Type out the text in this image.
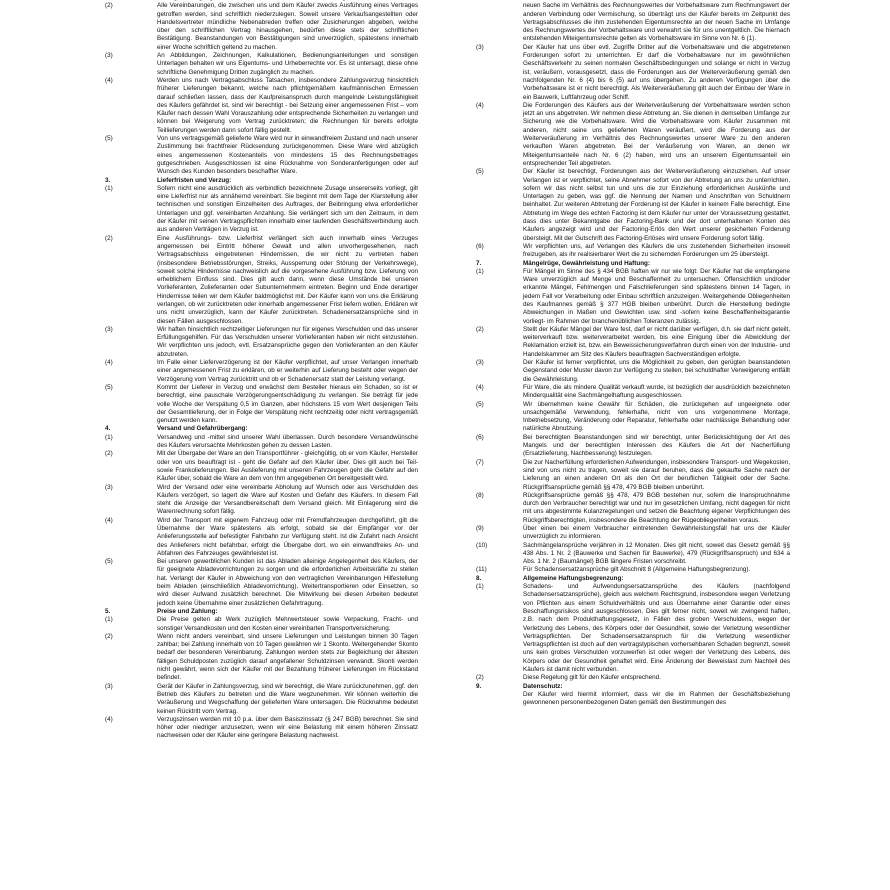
(2)	Alle Vereinbarungen, die zwischen uns und dem Käufer zwecks Ausführung eines Vertrages getroffen werden, sind schriftlich niederzulegen. Soweit unsere Verkaufsangestellten oder Handelsvertreter mündliche Nebenabreden treffen oder Zusicherungen abgeben, welche über den schriftlichen Vertrag hinausgehen, bedürfen diese stets der schriftlichen Bestätigung. Beanstandungen von Bestätigungen sind unverzüglich, spätestens innerhalb einer Woche schriftlich geltend zu machen.
(3)	An Abbildungen, Zeichnungen, Kalkulationen, Bedienungsanleitungen und sonstigen Unterlagen behalten wir uns Eigentums- und Urheberrechte vor. Es ist untersagt, diese ohne schriftliche Genehmigung Dritten zugänglich zu machen.
(4)	Werden uns nach Vertragsabschluss Tatsachen, insbesondere Zahlungsverzug hinsichtlich früherer Lieferungen bekannt, welche nach pflichtgemäßem kaufmännischen Ermessen darauf schließen lassen, dass der Kaufpreisanspruch durch mangelnde Leistungsfähigkeit des Käufers gefährdet ist, sind wir berechtigt - bei Setzung einer angemessenen Frist – vom Käufer nach dessen Wahl Vorauszahlung oder entsprechende Sicherheiten zu verlangen und können bei Weigerung vom Vertrag zurücktreten; die Rechnungen für bereits erfolgte Teillieferungen werden dann sofort fällig gestellt.
(5)	Von uns vertragsgemäß gelieferte Ware wird nur in einwandfreiem Zustand und nach unserer Zustimmung bei frachtfreier Rücksendung zurückgenommen. Diese Ware wird abzüglich eines angemessenen Kostenanteils von mindestens 15 des Rechnungsbetrages gutgeschrieben. Ausgeschlossen ist eine Rücknahme von Sonderanfertigungen oder auf Wunsch des Kunden besonders beschaffter Ware.
3.	Lieferfristen und Verzug:
(1)	Sofern nicht eine ausdrücklich als verbindlich bezeichnete Zusage unsererseits vorliegt, gilt eine Lieferfrist nur als annähernd vereinbart. Sie beginnt mit dem Tage der Klarstellung aller technischen und sonstigen Einzelheiten des Auftrages, der Beibringung etwa erforderlicher Unterlagen und ggf. vereinbarten Anzahlung. Sie verlängert sich um den Zeitraum, in dem der Käufer mit seinen Vertragspflichten innerhalb einer laufenden Geschäftsverbindung auch aus anderen Verträgen in Verzug ist.
(2)	Eine Ausführungs- bzw. Lieferfrist verlängert sich auch innerhalb eines Verzuges angemessen bei Eintritt höherer Gewalt und allen unvorhergesehenen, nach Vertragsabschluss eingetretenen Hindernissen, die wir nicht zu vertreten haben (insbesondere Betriebsstörungen, Streiks, Aussperrung oder Störung der Verkehrswege), soweit solche Hindernisse nachweislich auf die vorgesehene Ausführung bzw. Lieferung von erheblichem Einfluss sind. Dies gilt auch dann, wenn diese Umstände bei unseren Vorlieferanten, Zulieferanten oder Subunternehmern eintreten. Beginn und Ende derartiger Hindernisse teilen wir dem Käufer baldmöglichst mit. Der Käufer kann von uns die Erklärung verlangen, ob wir zurücktreten oder innerhalb angemessener Frist liefern wollen. Erklären wir uns nicht unverzüglich, kann der Käufer zurücktreten. Schadenersatzansprüche sind in diesen Fällen ausgeschlossen.
(3)	Wir haften hinsichtlich rechtzeitiger Lieferungen nur für eigenes Verschulden und das unserer Erfüllungsgehilfen. Für das Verschulden unserer Vorlieferanten haben wir nicht einzustehen. Wir verpflichten uns jedoch, evtl. Ersatzansprüche gegen den Vorlieferanten an den Käufer abzutreten.
(4)	Im Falle einer Lieferverzögerung ist der Käufer verpflichtet, auf unser Verlangen innerhalb einer angemessenen Frist zu erklären, ob er weiterhin auf Lieferung besteht oder wegen der Verzögerung vom Vertrag zurücktritt und ob er Schadenersatz statt der Leistung verlangt.
(5)	Kommt der Lieferer in Verzug und erwächst dem Besteller hieraus ein Schaden, so ist er berechtigt, eine pauschale Verzögerungsentschädigung zu verlangen. Sie beträgt für jede volle Woche der Verspätung 0,5 im Ganzen, aber höchstens 15 vom Wert desjenigen Teils der Gesamtlieferung, der in Folge der Verspätung nicht rechtzeitig oder nicht vertragsgemäß genutzt werden kann.
4.	Versand und Gefahrübergang:
(1)	Versandweg und -mittel sind unserer Wahl überlassen. Durch besondere Versandwünsche des Käufers verursachte Mehrkosten gehen zu dessen Lasten.
(2)	Mit der Übergabe der Ware an den Transportführer - gleichgültig, ob er vom Käufer, Hersteller oder von uns beauftragt ist - geht die Gefahr auf den Käufer über. Dies gilt auch bei Teil- sowie Frankolieferungen. Bei Auslieferung mit unseren Fahrzeugen geht die Gefahr auf den Käufer über, sobald die Ware an dem von Ihm angegebenen Ort bereitgestellt wird.
(3)	Wird der Versand oder eine vereinbarte Abholung auf Wunsch oder aus Verschulden des Käufers verzögert, so lagert die Ware auf Kosten und Gefahr des Käufers. In diesem Fall steht die Anzeige der Versandbereitschaft dem Versand gleich. Mit Einlagerung wird die Warenrechnung sofort fällig.
(4)	Wird der Transport mit eigenem Fahrzeug oder mit Fremdfahrzeugen durchgeführt, gilt die Übernahme der Ware spätestens als erfolgt, sobald sie der Empfänger vor der Anlieferungsstelle auf befestigter Fahrbahn zur Verfügung steht. Ist die Zufahrt nach Ansicht des Anlieferers nicht befahrbar, erfolgt die Übergabe dort, wo ein einwandfreies An- und Abfahren des Fahrzeuges gewährleistet ist.
(5)	Bei unseren gewerblichen Kunden ist das Abladen alleinige Angelegenheit des Käufers, der für geeignete Abladevorrichtungen zu sorgen und die erforderlichen Arbeitskräfte zu stellen hat. Verlangt der Käufer in Abweichung von den vertraglichen Vereinbarungen Hilfestellung beim Abladen (einschließlich Abladevorrichtung), Weitertransportieren oder Einsetzen, so wird dieser Aufwand zusätzlich berechnet. Die Mitwirkung bei diesen Arbeiten bedeutet jedoch keine Übernahme einer zusätzlichen Gefahrtragung.
5.	Preise und Zahlung:
(1)	Die Preise gelten ab Werk zuzüglich Mehrwertsteuer sowie Verpackung, Fracht- und sonstiger Versandkosten und den Kosten einer vereinbarten Transportversicherung.
(2)	Wenn nicht anders vereinbart, sind unsere Lieferungen und Leistungen binnen 30 Tagen zahlbar; bei Zahlung innerhalb von 10 Tagen gewähren wir 1 Skonto. Weitergehender Skonto bedarf der besonderen Vereinbarung. Zahlungen werden stets zur Begleichung der ältesten fälligen Schuldposten zuzüglich darauf angefallener Schuldzinsen verwandt. Skonti werden nicht gewährt, wenn sich der Käufer mit der Bezahlung früherer Lieferungen im Rückstand befindet.
(3)	Gerät der Käufer in Zahlungsverzug, sind wir berechtigt, die Ware zurückzunehmen, ggf. den Betrieb des Käufers zu betreten und die Ware wegzunehmen. Wir können weiterhin die Veräußerung und Wegschaffung der gelieferten Ware untersagen. Die Rücknahme bedeutet keinen Rücktritt vom Vertrag.
(4)	Verzugszinsen werden mit 10 p.a. über dem Basiszinssatz (§ 247 BGB) berechnet. Sie sind höher oder niedriger anzusetzen, wenn wir eine Belastung mit einem höheren Zinssatz nachweisen oder der Käufer eine geringere Belastung nachweist.
neuen Sache im Verhältnis des Rechnungswertes der Vorbehaltsware zum Rechnungswert der anderen Verbindung oder Vermischung, so überträgt uns der Käufer bereits im Zeitpunkt des Vertragsabschlusses die ihm zustehenden Eigentumsrechte an der neuen Sache im Umfange des Rechnungswertes der Vorbehaltsware und verwahrt sie für uns unentgeltlich. Die hiernach entstehenden Miteigentumsrechte gelten als Vorbehaltsware im Sinne von Nr. 6 (1).
(3)	Der Käufer hat uns über evtl. Zugriffe Dritter auf die Vorbehaltsware und die abgetretenen Forderungen sofort zu unterrichten. Er darf die Vorbehaltsware nur im gewöhnlichen Geschäftsverkehr zu seinen normalen Geschäftsbedingungen und solange er nicht in Verzug ist, veräußern, vorausgesetzt, dass die Forderungen aus der Weiterveräußerung gemäß den nachfolgenden Nr. 6 (4) bis 6 (5) auf uns übergehen. Zu anderen Verfügungen über die Vorbehaltsware ist er nicht berechtigt. Als Weiterveräußerung gilt auch der Einbau der Ware in ein Bauwerk, Luftfahrzeug oder Schiff.
(4)	Die Forderungen des Käufers aus der Weiterveräußerung der Vorbehaltsware werden schon jetzt an uns abgetreten. Wir nehmen diese Abtretung an. Sie dienen in demselben Umfange zur Sicherung wie die Vorbehaltsware. Wird die Vorbehaltsware vom Käufer zusammen mit anderen, nicht seine uns gelieferten Waren veräußert, wird die Forderung aus der Weiterveräußerung im Verhältnis des Rechnungswertes unserer Ware zu den anderen verkauften Waren abgetreten. Bei der Veräußerung von Waren, an denen wir Miteigentumsanteile nach Nr. 6 (2) haben, wird uns an unserem Eigentumsanteil ein entsprechender Teil abgetreten.
(5)	Der Käufer ist berechtigt, Forderungen aus der Weiterveräußerung einzuziehen. Auf unser Verlangen ist er verpflichtet, seine Abnehmer sofort von der Abtretung an uns zu unterrichten, sofern wir das nicht selbst tun und uns die zur Einziehung erforderlichen Auskünfte und Unterlagen zu geben, was ggf. die Nennung der Namen und Anschriften von Schuldnern beinhaltet. Zur weiteren Abtretung der Forderung ist der Käufer in keinem Falle berechtigt. Eine Abtretung im Wege des echten Factoring ist dem Käufer nur unter der Voraussetzung gestattet, dass dies unter Bekanntgabe der Factoring-Bank und der dort unterhaltenen Konten des Käufers angezeigt wird und der Factoring-Erlös den Wert unserer gesicherten Forderung übersteigt. Mit der Gutschrift des Factoring-Erlöses wird unsere Forderung sofort fällig.
(6)	Wir verpflichten uns, auf Verlangen des Käufers die uns zustehenden Sicherheiten insoweit freizugeben, als ihr realisierbarer Wert die zu sichernden Forderungen um 25 übersteigt.
7.	Mängelrüge, Gewährleistung und Haftung:
(1)	Für Mängel im Sinne des § 434 BGB haften wir nur wie folgt: Der Käufer hat die empfangene Ware unverzüglich auf Menge und Beschaffenheit zu untersuchen. Offensichtlich und/oder erkannte Mängel, Fehlmengen und Falschlieferungen sind spätestens binnen 14 Tagen, in jedem Fall vor Verarbeitung oder Einbau schriftlich anzuzeigen. Weitergehende Obliegenheiten des Kaufmannes gemäß § 377 HGB bleiben unberührt. Durch die Herstellung bedingte Abweichungen in Maßen und Gewichten usw. sind -sofern keine Beschaffenheitsgarantie vorliegt- im Rahmen der branchenüblichen Toleranzen zulässig.
(2)	Stellt der Käufer Mängel der Ware fest, darf er nicht darüber verfügen, d.h. sie darf nicht geteilt, weiterverkauft bzw. weiterverarbeitet werden, bis eine Einigung über die Abwicklung der Reklamation erzielt ist, bzw. ein Beweissicherungsverfahren durch einen von der Industrie- und Handelskammer am Sitz des Käufers beauftragten Sachverständigen erfolgte.
(3)	Der Käufer ist ferner verpflichtet, uns die Möglichkeit zu geben, den gerügten beanstandeten Gegenstand oder Muster davon zur Verfügung zu stellen; bei schuldhafter Verweigerung entfällt die Gewährleistung.
(4)	Für Ware, die als mindere Qualität verkauft wurde, ist bezüglich der ausdrücklich bezeichneten Minderqualität eine Sachmängelhaftung ausgeschlossen.
(5)	Wir übernehmen keine Gewähr für Schäden, die zurückgehen auf ungeeignete oder unsachgemäße Verwendung, fehlerhafte, nicht von uns vorgenommene Montage, Inbetriebsetzung, Veränderung oder Reparatur, fehlerhafte oder nachlässige Behandlung oder natürliche Abnutzung.
(6)	Bei berechtigten Beanstandungen sind wir berechtigt, unter Berücksichtigung der Art des Mangels und der berechtigten Interessen des Käufers die Art der Nacherfüllung (Ersatzlieferung, Nachbesserung) festzulegen.
(7)	Die zur Nacherfüllung erforderlichen Aufwendungen, insbesondere Transport- und Wegekosten, sind von uns nicht zu tragen, soweit sie darauf beruhen, dass die gekaufte Sache nach der Lieferung an einen anderen Ort als den Ort der beruflichen Tätigkeit oder der Sache. Rückgriffsansprüche gemäß §§ 478, 479 BGB bleiben unberührt.
(8)	Rückgriffsansprüche gemäß §§ 478, 479 BGB bestehen nur, sofern die Inanspruchnahme durch den Verbraucher berechtigt war und nur im gesetzlichen Umfang, nicht dagegen für nicht mit uns abgestimmte Kulanzregelungen und setzen die Beachtung eigener Verpflichtungen des Rückgriffsberechtigten, insbesondere die Beachtung der Rügeobliegenheiten voraus.
(9)	Über einen bei einem Verbraucher eintretenden Gewährleistungsfall hat uns der Käufer unverzüglich zu informieren.
(10)	Sachmängelansprüche verjähren in 12 Monaten. Dies gilt nicht, soweit das Gesetz gemäß §§ 438 Abs. 1 Nr. 2 (Bauwerke und Sachen für Bauwerke), 479 (Rückgriffsanspruch) und 634 a Abs. 1 Nr. 2 (Baumängel) BGB längere Fristen vorschreibt.
(11)	Für Schadensersatzansprüche gilt Abschnitt 8 (Allgemeine Haftungsbegrenzung).
8.	Allgemeine Haftungsbegrenzung:
(1)	Schadens- und Aufwendungsersatzansprüche des Käufers (nachfolgend Schadensersatzansprüche), gleich aus welchem Rechtsgrund, insbesondere wegen Verletzung von Pflichten aus einem Schuldverhältnis und aus Übernahme einer Garantie oder eines Beschaffungsrisikos sind ausgeschlossen. Dies gilt ferner nicht, soweit wir zwingend haften, z.B. nach dem Produkthaftungsgesetz, in Fällen des groben Verschuldens, wegen der Verletzung des Lebens, des Körpers oder der Gesundheit, sowie der Verletzung wesentlicher Vertragspflichten. Der Schadensersatzanspruch für die Verletzung wesentlicher Vertragspflichten ist doch auf den vertragstypischen vorhersehbaren Schaden begrenzt, soweit uns kein grobes Verschulden vorzuwerfen ist oder wegen der Verletzung des Lebens, des Körpers oder der Gesundheit gehaftet wird. Eine Änderung der Beweislast zum Nachteil des Käufers ist damit nicht verbunden.
(2)	Diese Regelung gilt für den Käufer entsprechend.
9.	Datenschutz:
Der Käufer wird hiermit informiert, dass wir die im Rahmen der Geschäftsbeziehung gewonnenen personenbezogenen Daten gemäß den Bestimmungen des
